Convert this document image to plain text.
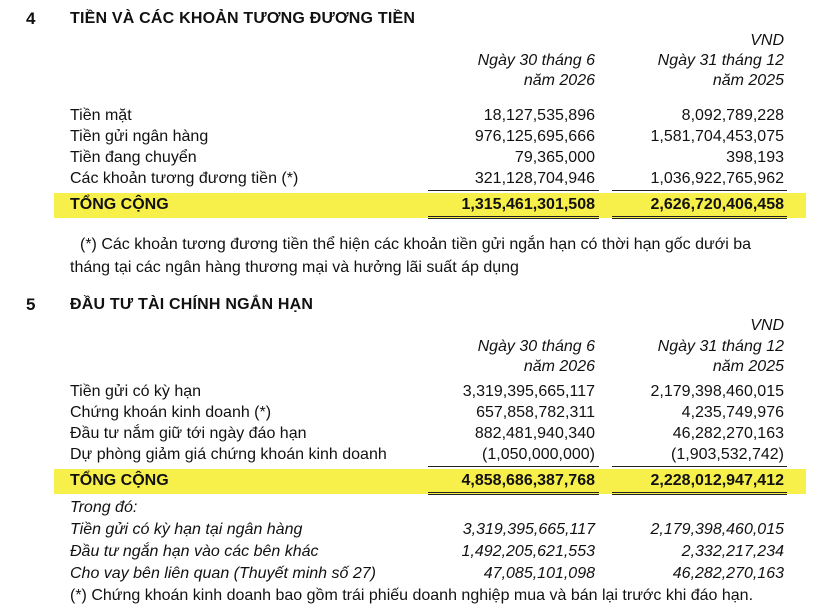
4 TIỀN VÀ CÁC KHOẢN TƯƠNG ĐƯƠNG TIỀN
VND
Ngày 30 tháng 6
năm 2026
Ngày 31 tháng 12
năm 2025
Tiền mặt	18,127,535,896	8,092,789,228
Tiền gửi ngân hàng	976,125,695,666	1,581,704,453,075
Tiền đang chuyển	79,365,000	398,193
Các khoản tương đương tiền (*)	321,128,704,946	1,036,922,765,962
TỔNG CỘNG	1,315,461,301,508	2,626,720,406,458
(*) Các khoản tương đương tiền thể hiện các khoản tiền gửi ngắn hạn có thời hạn gốc dưới ba
tháng tại các ngân hàng thương mại và hưởng lãi suất áp dụng
5 ĐẦU TƯ TÀI CHÍNH NGẮN HẠN
VND
Ngày 30 tháng 6
năm 2026
Ngày 31 tháng 12
năm 2025
Tiền gửi có kỳ hạn	3,319,395,665,117	2,179,398,460,015
Chứng khoán kinh doanh (*)	657,858,782,311	4,235,749,976
Đầu tư nắm giữ tới ngày đáo hạn	882,481,940,340	46,282,270,163
Dự phòng giảm giá chứng khoán kinh doanh	(1,050,000,000)	(1,903,532,742)
TỔNG CỘNG	4,858,686,387,768	2,228,012,947,412
Trong đó:
Tiền gửi có kỳ hạn tại ngân hàng	3,319,395,665,117	2,179,398,460,015
Đầu tư ngắn hạn vào các bên khác	1,492,205,621,553	2,332,217,234
Cho vay bên liên quan (Thuyết minh số 27)	47,085,101,098	46,282,270,163
(*) Chứng khoán kinh doanh bao gồm trái phiếu doanh nghiệp mua và bán lại trước khi đáo hạn.
